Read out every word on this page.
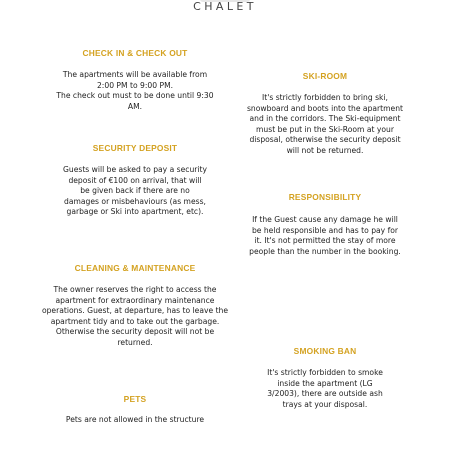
CHALET
CHECK IN & CHECK OUT
The apartments will be available from
2:00 PM to 9:00 PM.
The check out must to be done until 9:30
AM.
SECURITY DEPOSIT
Guests will be asked to pay a security
deposit of €100 on arrival, that will
be given back if there are no
damages or misbehaviours (as mess,
garbage or Ski into apartment, etc).
CLEANING & MAINTENANCE
The owner reserves the right to access the
apartment for extraordinary maintenance
operations. Guest, at departure, has to leave the
apartment tidy and to take out the garbage.
Otherwise the security deposit will not be
returned.
PETS
Pets are not allowed in the structure
SKI-ROOM
It's strictly forbidden to bring ski,
snowboard and boots into the apartment
and in the corridors. The Ski-equipment
must be put in the Ski-Room at your
disposal, otherwise the security deposit
will not be returned.
RESPONSIBILITY
If the Guest cause any damage he will
be held responsible and has to pay for
it. It's not permitted the stay of more
people than the number in the booking.
SMOKING BAN
It's strictly forbidden to smoke
inside the apartment (LG
3/2003), there are outside ash
trays at your disposal.
